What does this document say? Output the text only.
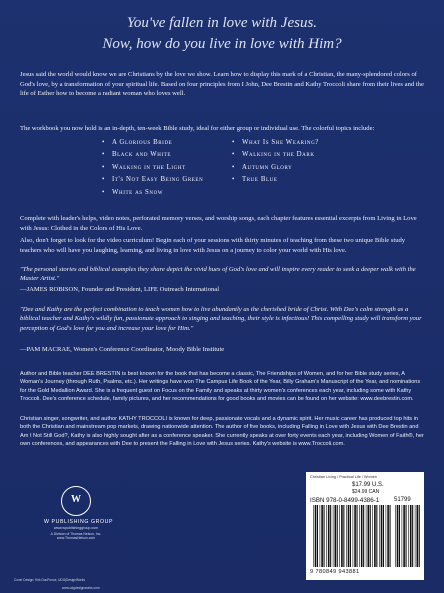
You've fallen in love with Jesus.
Now, how do you live in love with Him?
Jesus said the world would know we are Christians by the love we show. Learn how to display this mark of a Christian, the many-splendored colors of God's love, by a transformation of your spiritual life. Based on four principles from I John, Dee Brestin and Kathy Troccoli share from their lives and the life of Esther how to become a radiant woman who loves well.
The workbook you now hold is an in-depth, ten-week Bible study, ideal for either group or individual use. The colorful topics include:
• A Glorious Bride
• Black and White
• Walking in the Light
• It's Not Easy Being Green
• White as Snow
• What Is She Wearing?
• Walking in the Dark
• Autumn Glory
• True Blue
Complete with leader's helps, video notes, perforated memory verses, and worship songs, each chapter features essential excerpts from Living in Love with Jesus: Clothed in the Colors of His Love.
Also, don't forget to look for the video curriculum! Begin each of your sessions with thirty minutes of teaching from these two unique Bible study teachers who will have you laughing, learning, and living in love with Jesus on a journey to color your world with His love.
"The personal stories and biblical examples they share depict the vivid hues of God's love and will inspire every reader to seek a deeper walk with the Master Artist."
—JAMES ROBISON, Founder and President, LIFE Outreach International
"Dee and Kathy are the perfect combination to teach women how to live abundantly as the cherished bride of Christ. With Dee's calm strength as a biblical teacher and Kathy's wildly fun, passionate approach to singing and teaching, their style is infectious! This compelling study will transform your perception of God's love for you and increase your love for Him."
—PAM MACRAE, Women's Conference Coordinator, Moody Bible Institute
Author and Bible teacher DEE BRESTIN is best known for the book that has become a classic, The Friendships of Women, and for her Bible study series, A Woman's Journey (through Ruth, Psalms, etc.). Her writings have won The Campus Life Book of the Year, Billy Graham's Manuscript of the Year, and nominations for the Gold Medallion Award. She is a frequent guest on Focus on the Family and speaks at thirty women's conferences each year, including some with Kathy Troccoli. Dee's conference schedule, family pictures, and her recommendations for good books and movies can be found on her website: www.deebrestin.com.
Christian singer, songwriter, and author KATHY TROCCOLI is known for deep, passionate vocals and a dynamic spirit. Her music career has produced top hits in both the Christian and mainstream pop markets, drawing nationwide attention. The author of five books, including Falling in Love with Jesus with Dee Brestin and Am I Not Still God?, Kathy is also highly sought after as a conference speaker. She currently speaks at over forty events each year, including Women of Faith®, her own conferences, and appearances with Dee to present the Falling in Love with Jesus series. Kathy's website is www.Troccoli.com.
W
W PUBLISHING GROUP
www.wpublishinggroup.com
A Division of Thomas Nelson, Inc. www.ThomasNelson.com
Cover Design: Kirk DouPonce, UDG|DesignWorks
www.udgdesignworks.com
Christian Living / Practical Life / Women
$17.99 U.S.
$24.99 CAN
ISBN 978-0-8499-4386-1 51799
9 780849 943881
